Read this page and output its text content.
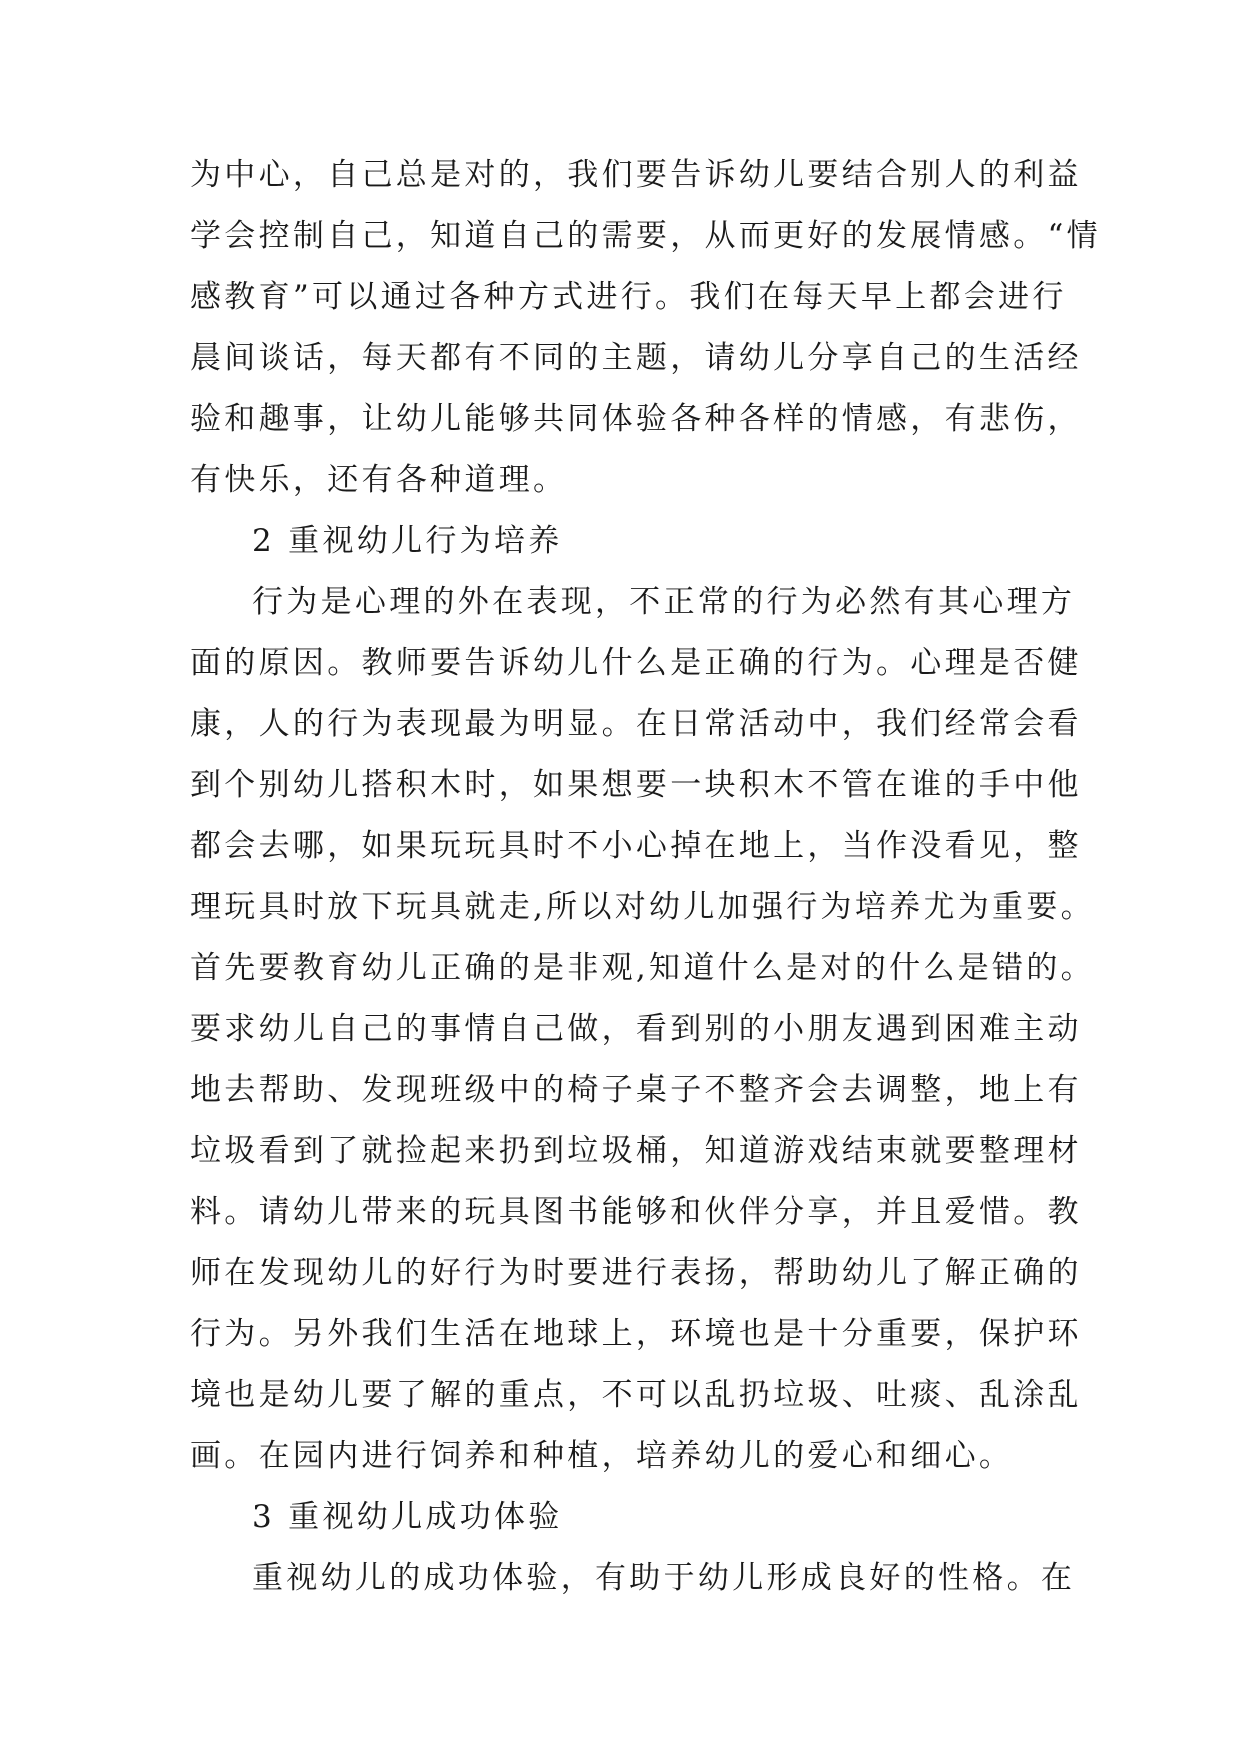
为中心，自己总是对的，我们要告诉幼儿要结合别人的利益
学会控制自己，知道自己的需要，从而更好的发展情感。“情
感教育”可以通过各种方式进行。我们在每天早上都会进行
晨间谈话，每天都有不同的主题，请幼儿分享自己的生活经
验和趣事，让幼儿能够共同体验各种各样的情感，有悲伤，
有快乐，还有各种道理。
2 重视幼儿行为培养
行为是心理的外在表现，不正常的行为必然有其心理方
面的原因。教师要告诉幼儿什么是正确的行为。心理是否健
康，人的行为表现最为明显。在日常活动中，我们经常会看
到个别幼儿搭积木时，如果想要一块积木不管在谁的手中他
都会去哪，如果玩玩具时不小心掉在地上，当作没看见，整
理玩具时放下玩具就走,所以对幼儿加强行为培养尤为重要。
首先要教育幼儿正确的是非观,知道什么是对的什么是错的。
要求幼儿自己的事情自己做，看到别的小朋友遇到困难主动
地去帮助、发现班级中的椅子桌子不整齐会去调整，地上有
垃圾看到了就捡起来扔到垃圾桶，知道游戏结束就要整理材
料。请幼儿带来的玩具图书能够和伙伴分享，并且爱惜。教
师在发现幼儿的好行为时要进行表扬，帮助幼儿了解正确的
行为。另外我们生活在地球上，环境也是十分重要，保护环
境也是幼儿要了解的重点，不可以乱扔垃圾、吐痰、乱涂乱
画。在园内进行饲养和种植，培养幼儿的爱心和细心。
3 重视幼儿成功体验
重视幼儿的成功体验，有助于幼儿形成良好的性格。在
